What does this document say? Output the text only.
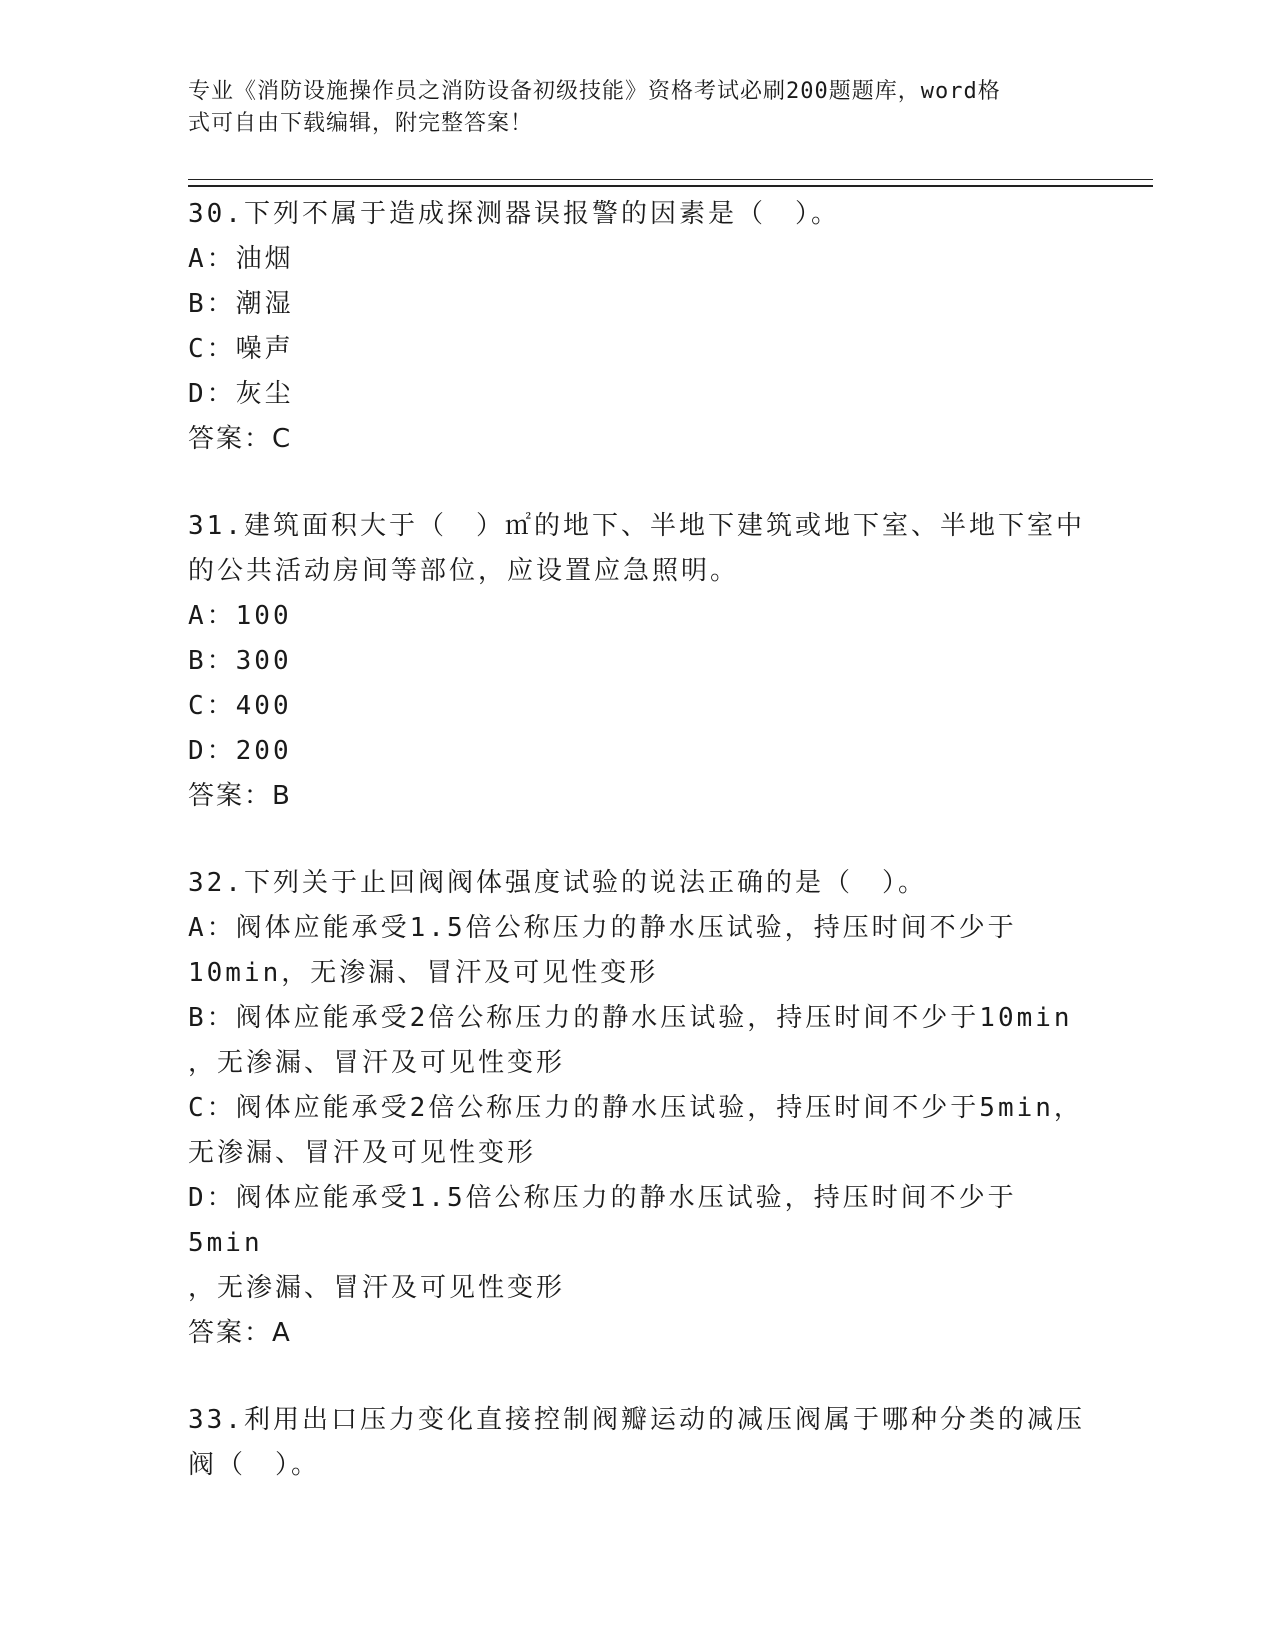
专业《消防设施操作员之消防设备初级技能》资格考试必刷200题题库，word格
式可自由下载编辑，附完整答案！
30.下列不属于造成探测器误报警的因素是（　）。
A：油烟
B：潮湿
C：噪声
D：灰尘
答案：C
31.建筑面积大于（　）㎡的地下、半地下建筑或地下室、半地下室中
的公共活动房间等部位，应设置应急照明。
A：100
B：300
C：400
D：200
答案：B
32.下列关于止回阀阀体强度试验的说法正确的是（　）。
A：阀体应能承受1.5倍公称压力的静水压试验，持压时间不少于
10min，无渗漏、冒汗及可见性变形
B：阀体应能承受2倍公称压力的静水压试验，持压时间不少于10min
，无渗漏、冒汗及可见性变形
C：阀体应能承受2倍公称压力的静水压试验，持压时间不少于5min，
无渗漏、冒汗及可见性变形
D：阀体应能承受1.5倍公称压力的静水压试验，持压时间不少于5min
，无渗漏、冒汗及可见性变形
答案：A
33.利用出口压力变化直接控制阀瓣运动的减压阀属于哪种分类的减压
阀（　）。
